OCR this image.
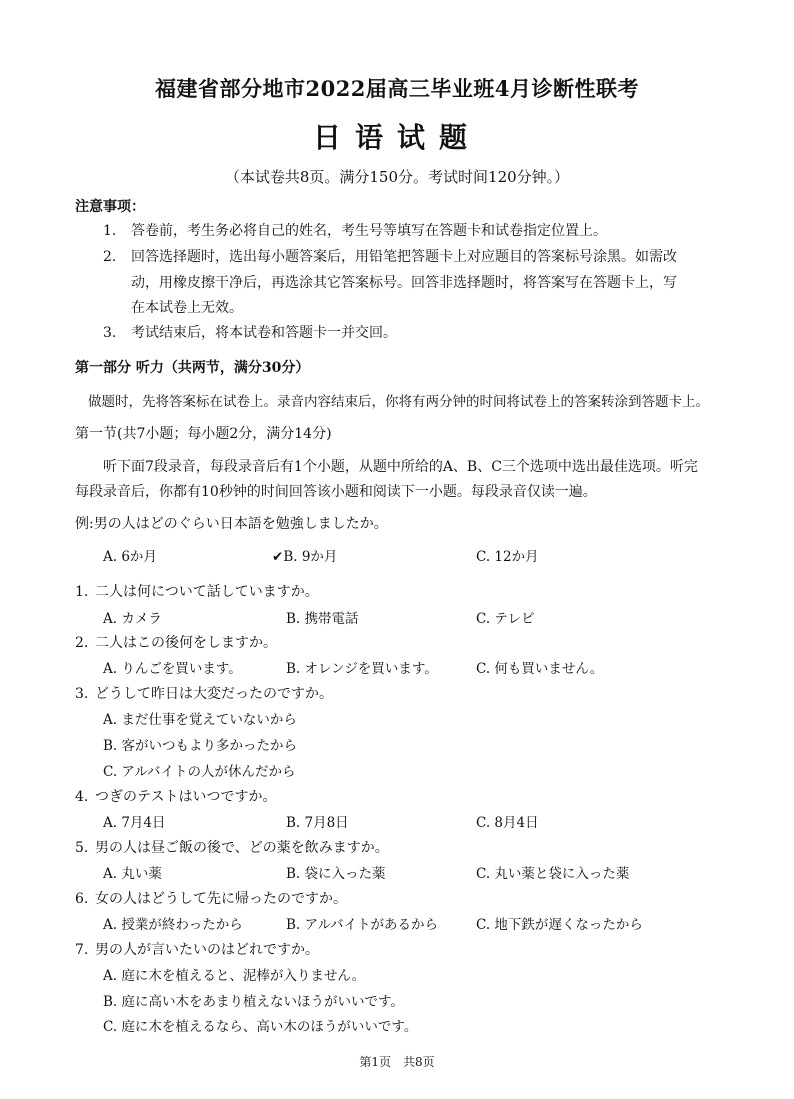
福建省部分地市2022届高三毕业班4月诊断性联考
日语试题
（本试卷共8页。满分150分。考试时间120分钟。）
注意事项：
1. 答卷前，考生务必将自己的姓名，考生号等填写在答题卡和试卷指定位置上。
2. 回答选择题时，选出每小题答案后，用铅笔把答题卡上对应题目的答案标号涂黑。如需改
动，用橡皮擦干净后，再选涂其它答案标号。回答非选择题时，将答案写在答题卡上，写
在本试卷上无效。
3. 考试结束后，将本试卷和答题卡一并交回。
第一部分 听力（共两节，满分30分）
做题时，先将答案标在试卷上。录音内容结束后，你将有两分钟的时间将试卷上的答案转涂到答题卡上。
第一节(共7小题；每小题2分，满分14分)
听下面7段录音，每段录音后有1个小题，从题中所给的A、B、C三个选项中选出最佳选项。听完
每段录音后，你都有10秒钟的时间回答该小题和阅读下一小题。每段录音仅读一遍。
例:男の人はどのぐらい日本語を勉強しましたか。
A. 6か月	✔B. 9か月	C. 12か月
1. 二人は何について話していますか。
A. カメラ	B. 携帯電話	C. テレビ
2. 二人はこの後何をしますか。
A. りんごを買います。	B. オレンジを買います。	C. 何も買いません。
3. どうして昨日は大変だったのですか。
A. まだ仕事を覚えていないから
B. 客がいつもより多かったから
C. アルバイトの人が休んだから
4. つぎのテストはいつですか。
A. 7月4日	B. 7月8日	C. 8月4日
5. 男の人は昼ご飯の後で、どの薬を飲みますか。
A. 丸い薬	B. 袋に入った薬	C. 丸い薬と袋に入った薬
6. 女の人はどうして先に帰ったのですか。
A. 授業が終わったから	B. アルバイトがあるから	C. 地下鉄が遅くなったから
7. 男の人が言いたいのはどれですか。
A. 庭に木を植えると、泥棒が入りません。
B. 庭に高い木をあまり植えないほうがいいです。
C. 庭に木を植えるなら、高い木のほうがいいです。
第1页　共8页
